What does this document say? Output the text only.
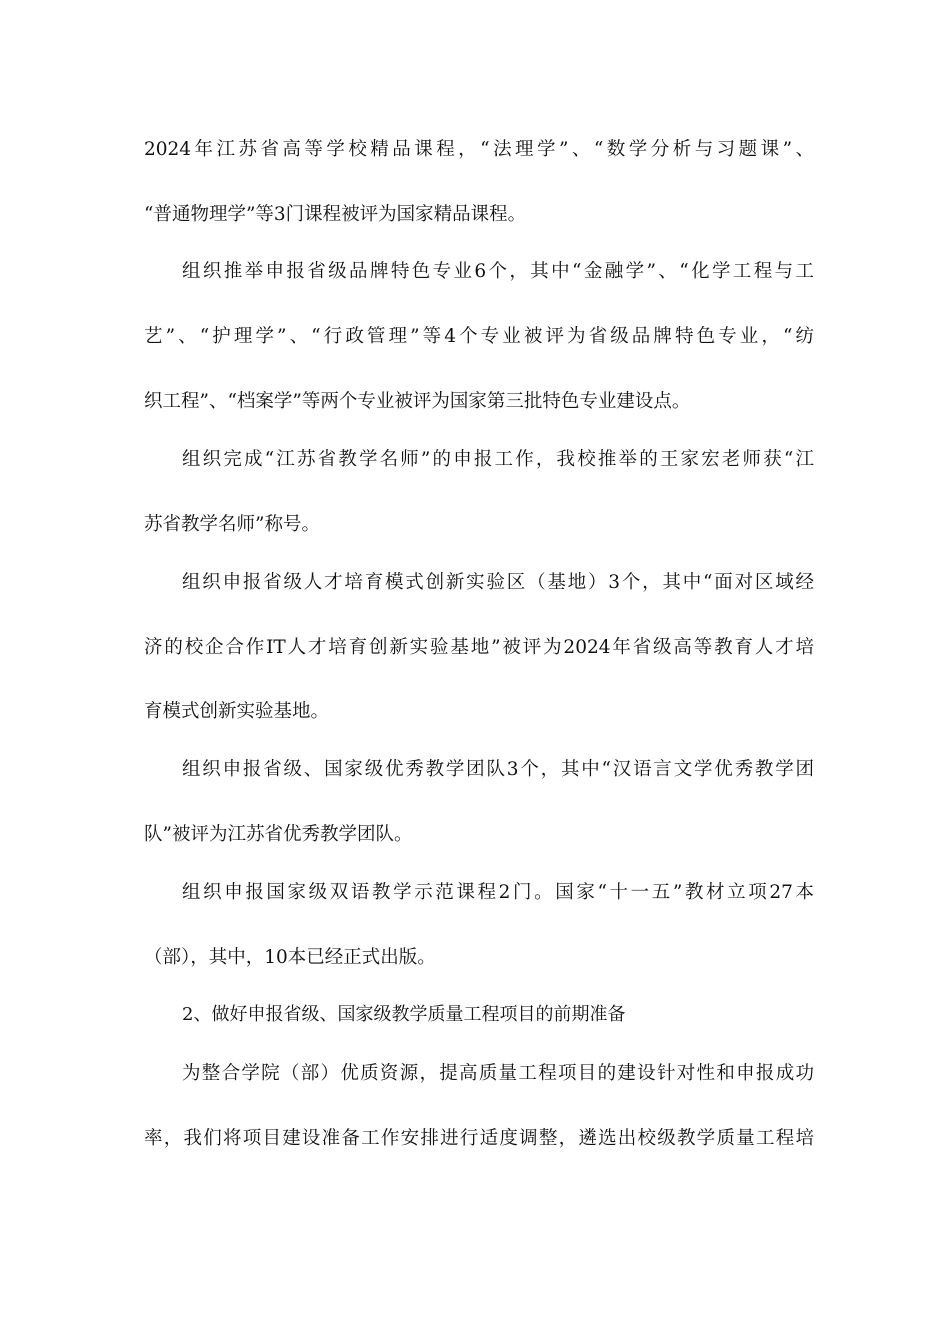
2024年江苏省高等学校精品课程，“法理学”、“数学分析与习题课”、
“普通物理学”等3门课程被评为国家精品课程。
组织推举申报省级品牌特色专业6个，其中“金融学”、“化学工程与工
艺”、“护理学”、“行政管理”等4个专业被评为省级品牌特色专业，“纺
织工程”、“档案学”等两个专业被评为国家第三批特色专业建设点。
组织完成“江苏省教学名师”的申报工作，我校推举的王家宏老师获“江
苏省教学名师”称号。
组织申报省级人才培育模式创新实验区（基地）3个，其中“面对区域经
济的校企合作IT人才培育创新实验基地”被评为2024年省级高等教育人才培
育模式创新实验基地。
组织申报省级、国家级优秀教学团队3个，其中“汉语言文学优秀教学团
队”被评为江苏省优秀教学团队。
组织申报国家级双语教学示范课程2门。国家“十一五”教材立项27本
（部），其中，10本已经正式出版。
2、做好申报省级、国家级教学质量工程项目的前期准备
为整合学院（部）优质资源，提高质量工程项目的建设针对性和申报成功
率，我们将项目建设准备工作安排进行适度调整，遴选出校级教学质量工程培
